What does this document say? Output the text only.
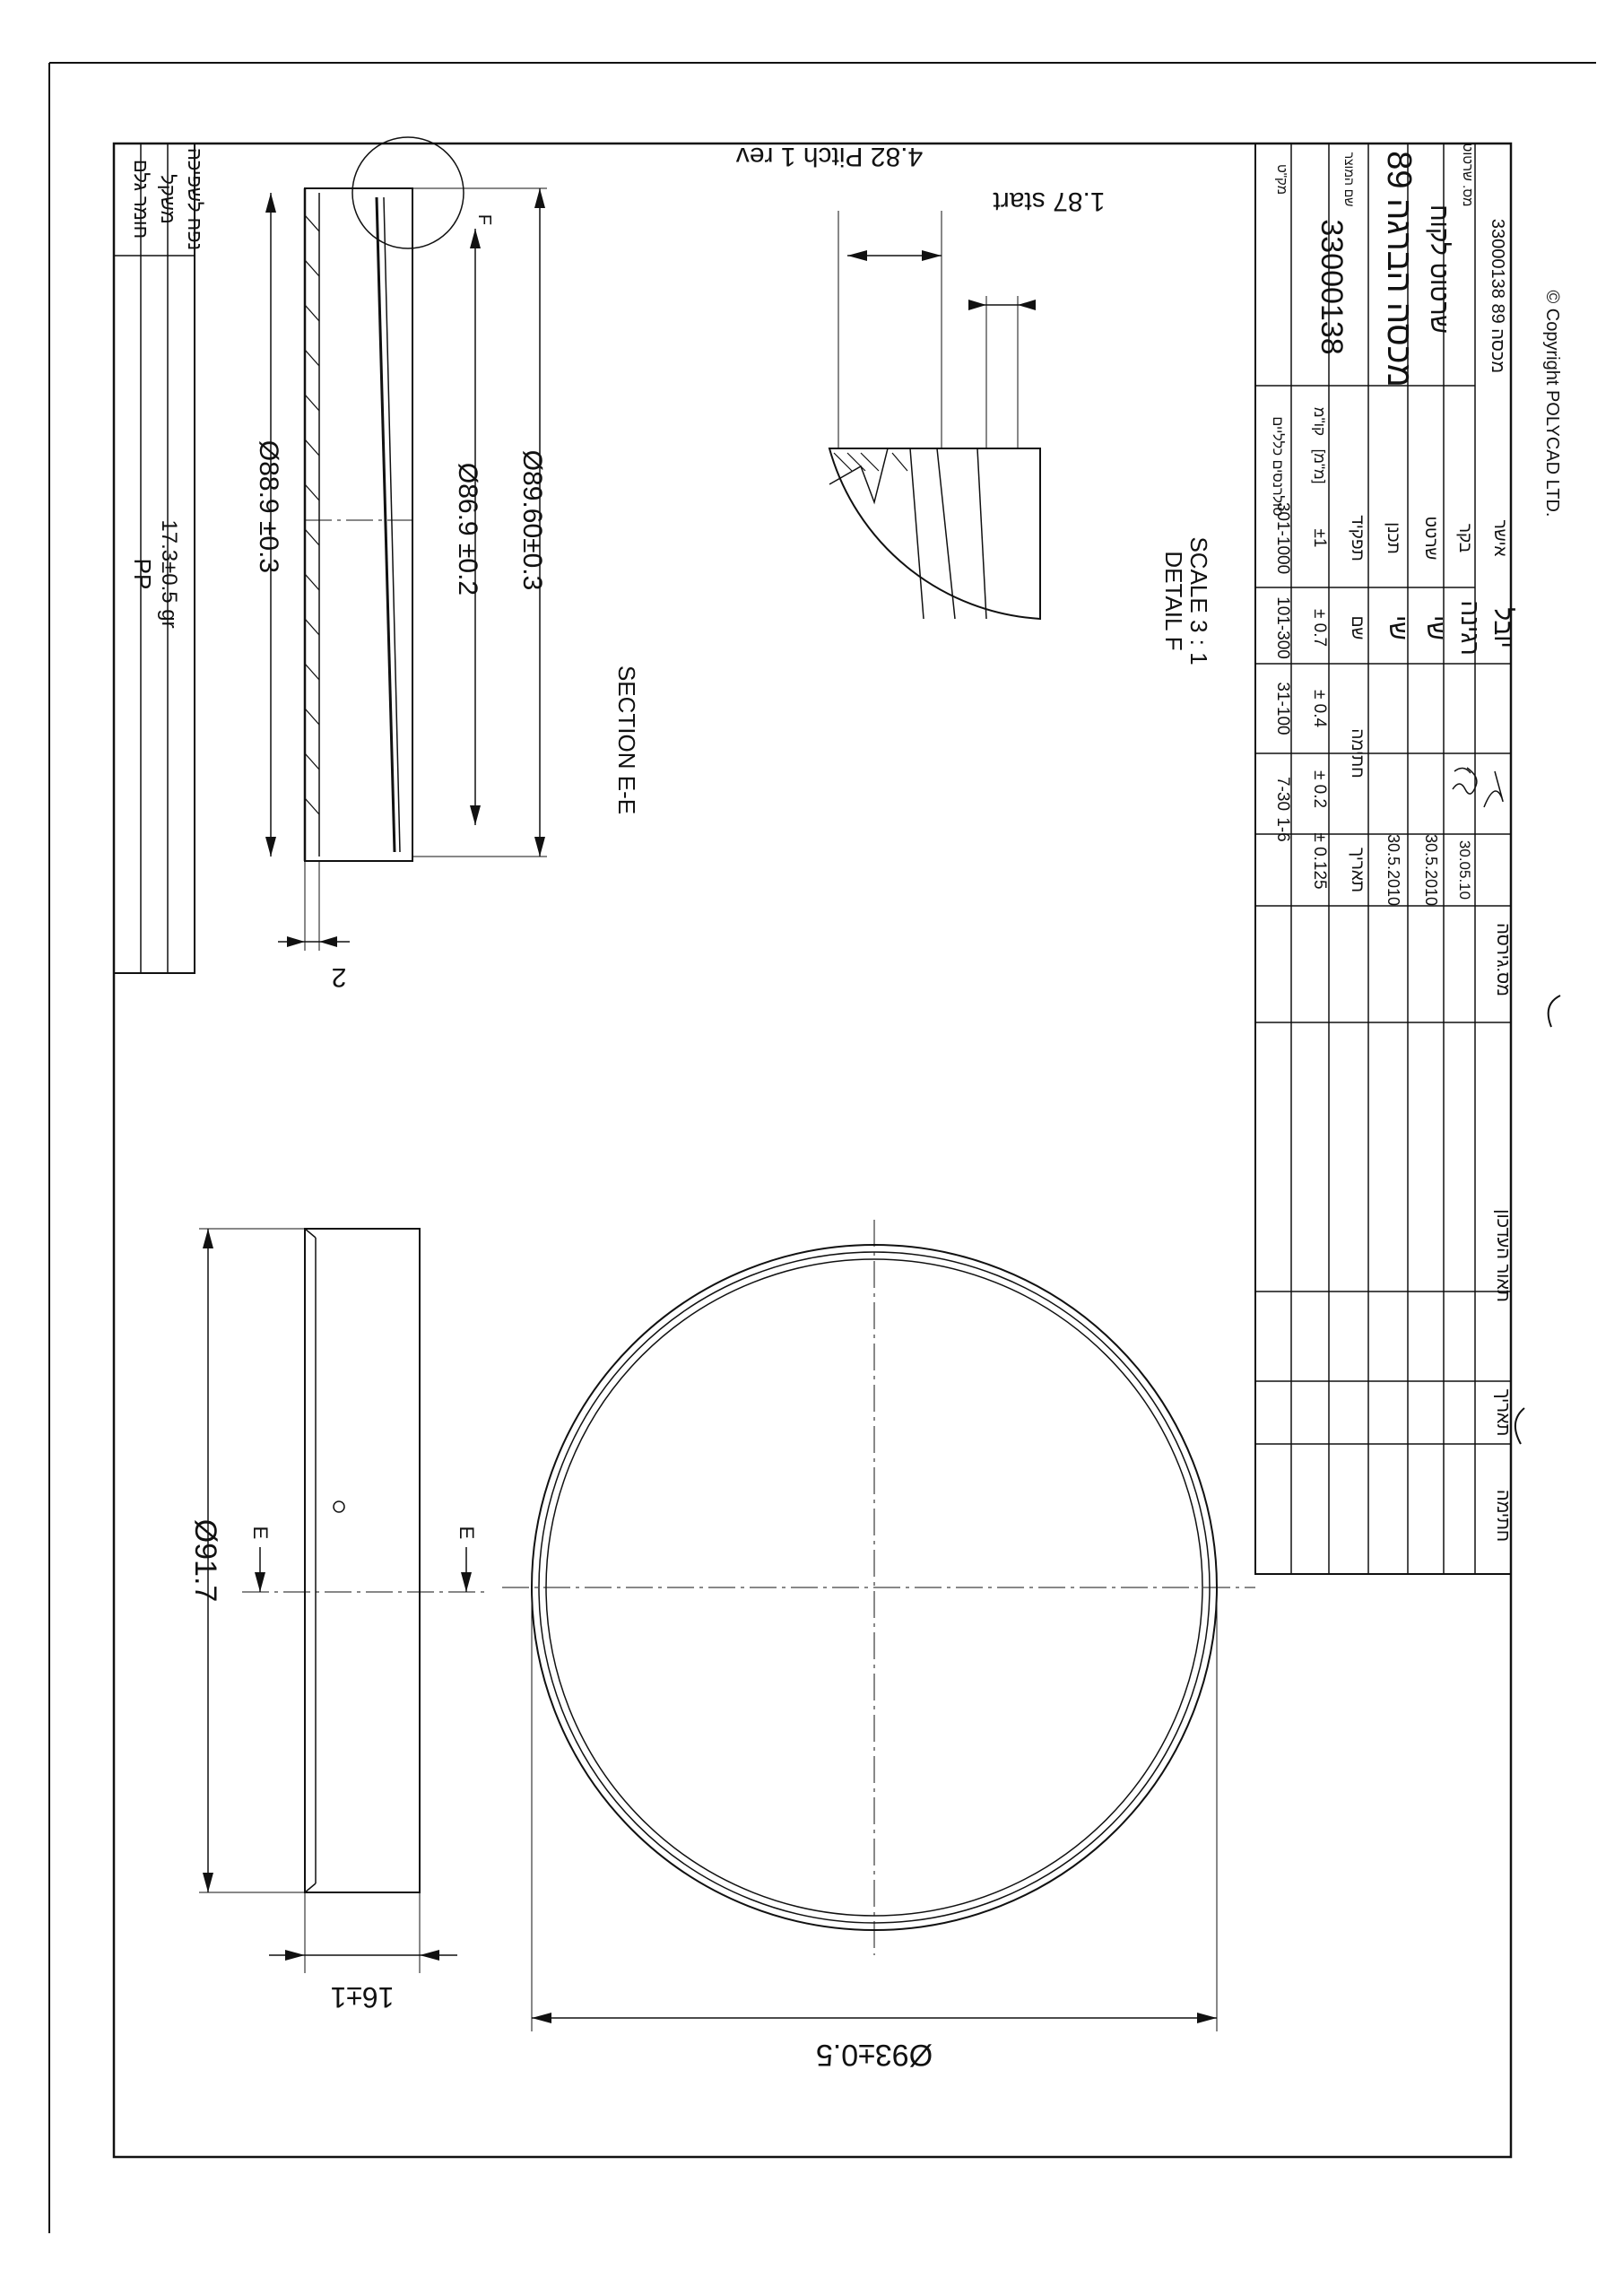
חומר גלם משקל נפח לשפיכה
PP 17.3±0.5 gr
F
Ø88.9 ±0.3	Ø86.9 ±0.2 Ø89.60±0.3
2
SECTION E-E
4.82 Pitch 1 rev
1.87 start
DETAIL F
SCALE 3 : 1
E	E
Ø91.7
16±1
Ø93±0.5
1-6
7-30
31-100
101-300
301-1000
± 0.125
± 0.2
± 0.4
± 0.7
±1
טולרנסים כלליים [מ"מ]
תאריך
חתימה
שם
תפקיד
30.5.2010
שי
תכנן
30.5.2010
שי
שרטט
30.05.10
רגינה
בקר
יובל
אישר
מק"ט
קו"מ
33000138
שם המוצר מכסה הברגה 89 שרטוט לקוח
מס. שרטוט
33000138 89 מכסה
מס.גירסה
תאור העדכון
תאריך
חתימה
© Copyright POLYCAD LTD.
